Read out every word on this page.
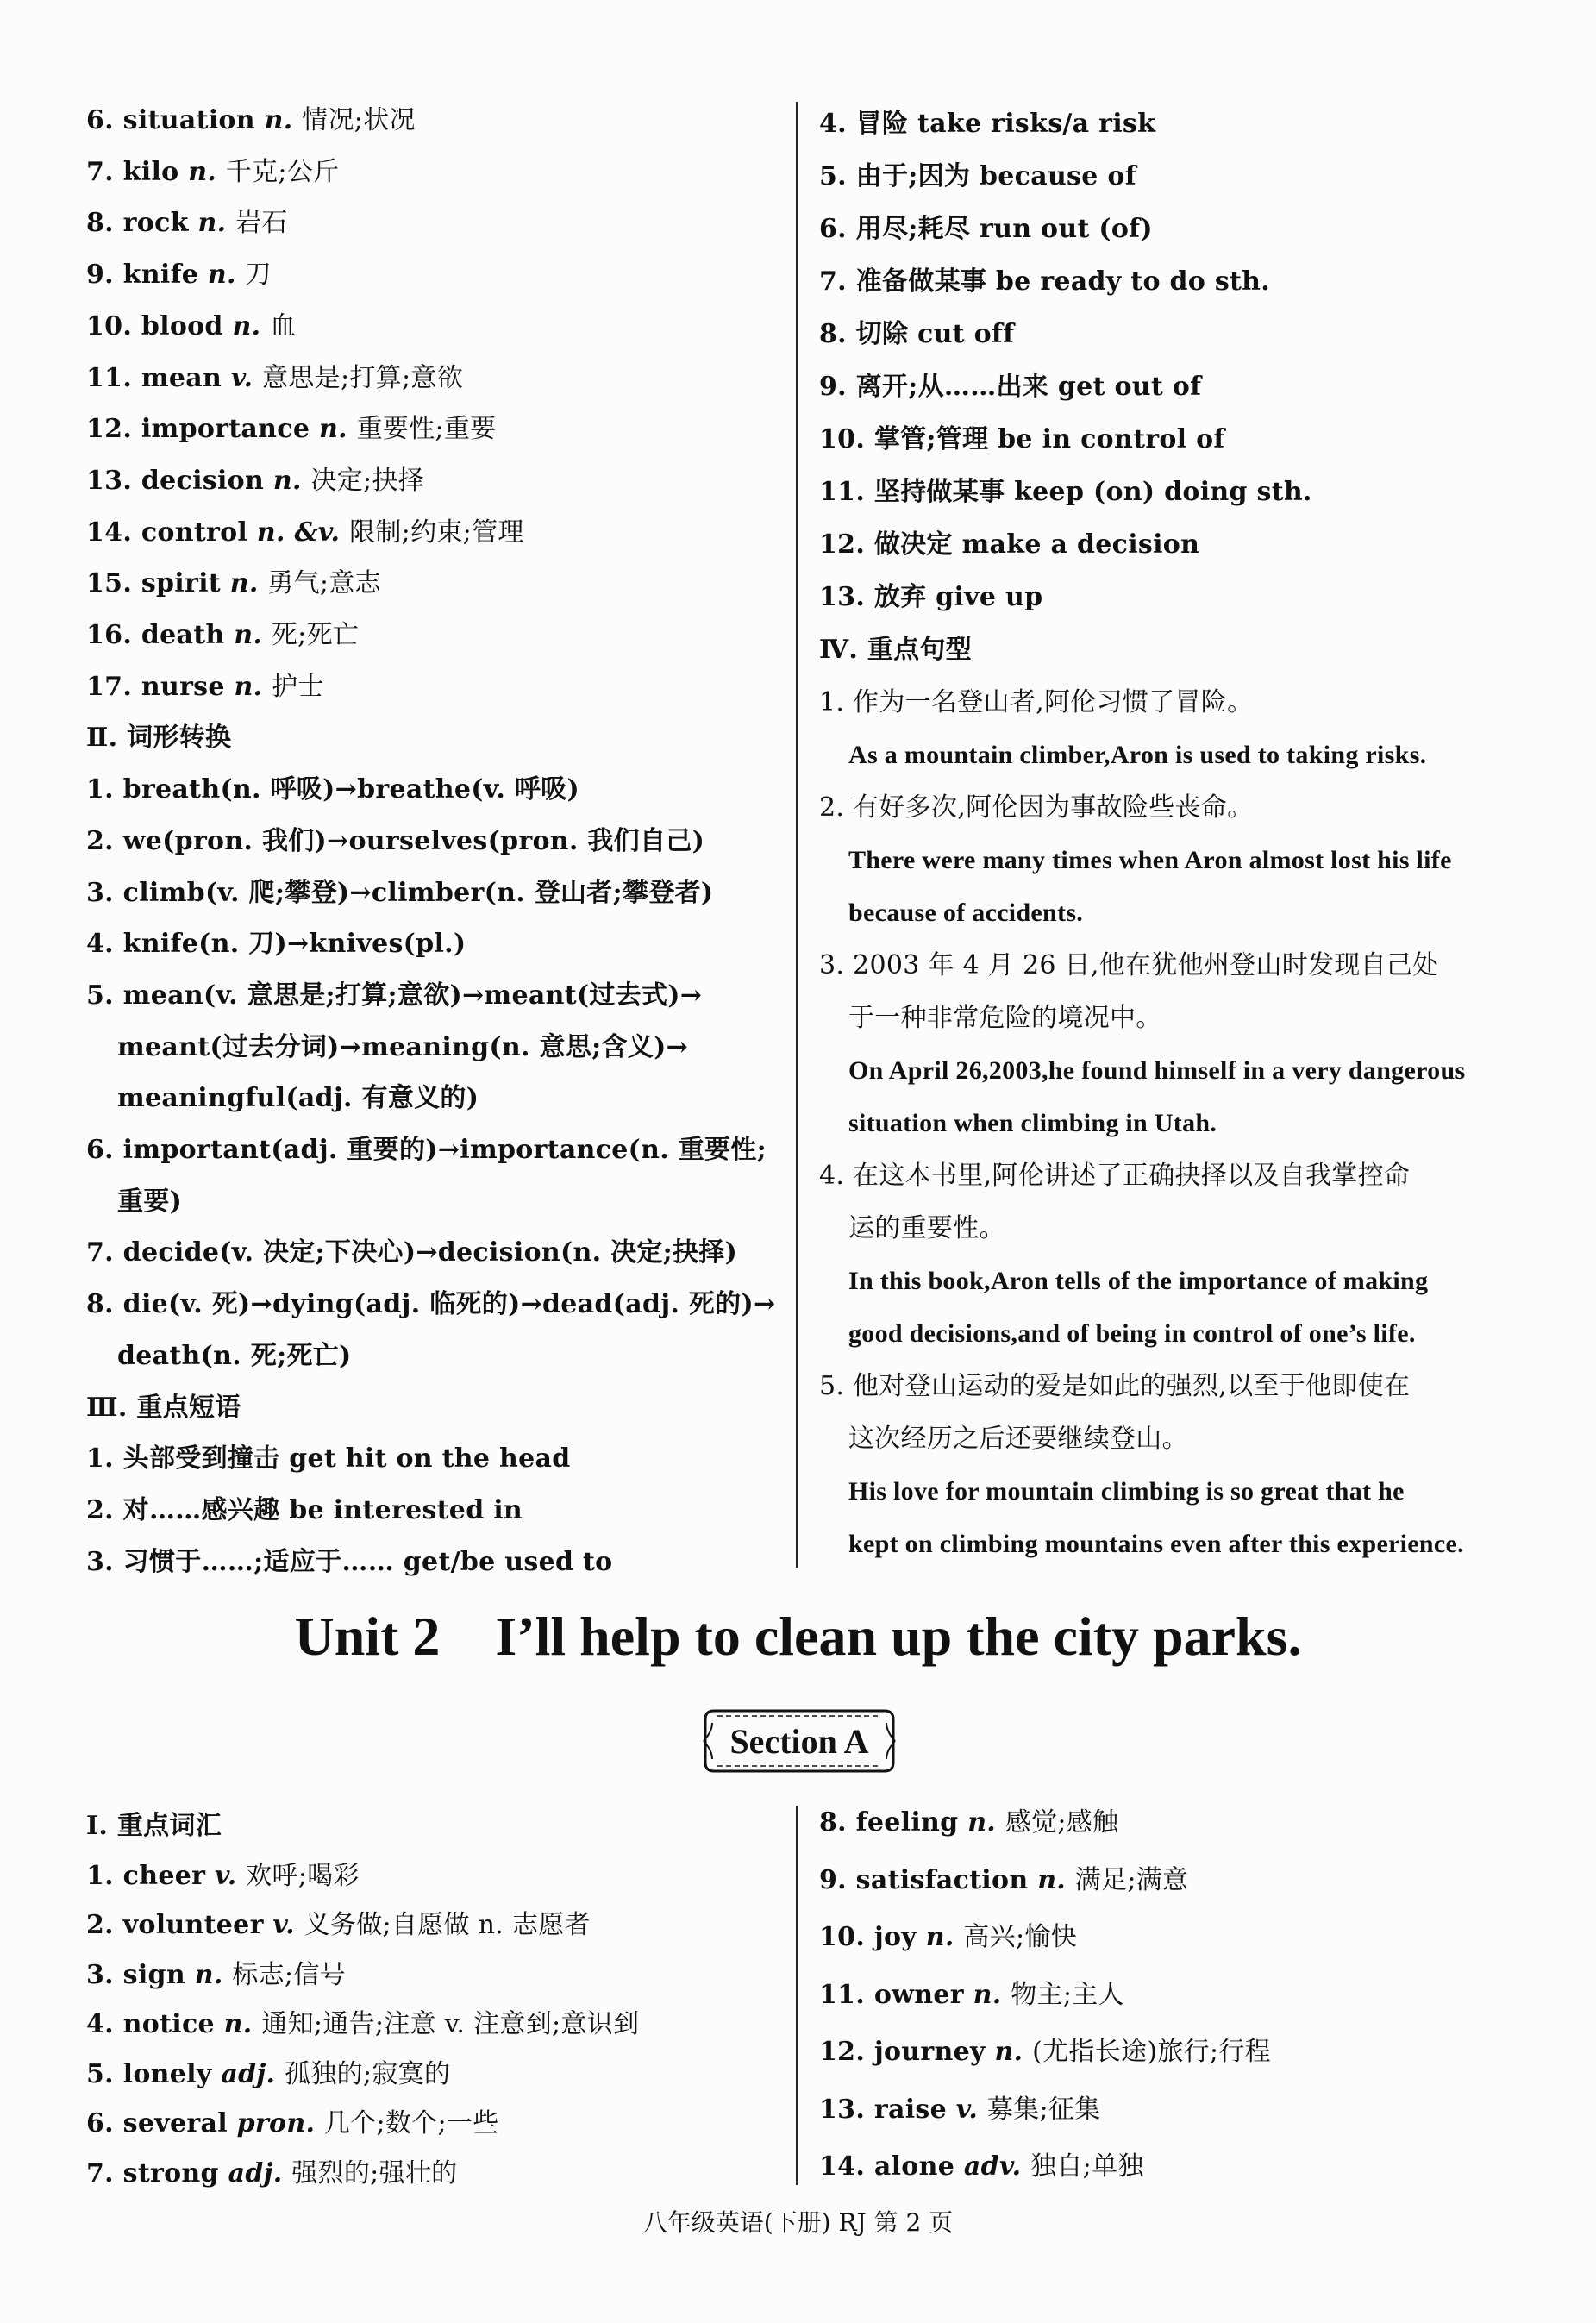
6. situation n. 情况;状况
7. kilo n. 千克;公斤
8. rock n. 岩石
9. knife n. 刀
10. blood n. 血
11. mean v. 意思是;打算;意欲
12. importance n. 重要性;重要
13. decision n. 决定;抉择
14. control n. &v. 限制;约束;管理
15. spirit n. 勇气;意志
16. death n. 死;死亡
17. nurse n. 护士
Ⅱ. 词形转换
1. breath(n. 呼吸)→breathe(v. 呼吸)
2. we(pron. 我们)→ourselves(pron. 我们自己)
3. climb(v. 爬;攀登)→climber(n. 登山者;攀登者)
4. knife(n. 刀)→knives(pl.)
5. mean(v. 意思是;打算;意欲)→meant(过去式)→
meant(过去分词)→meaning(n. 意思;含义)→
meaningful(adj. 有意义的)
6. important(adj. 重要的)→importance(n. 重要性;
重要)
7. decide(v. 决定;下决心)→decision(n. 决定;抉择)
8. die(v. 死)→dying(adj. 临死的)→dead(adj. 死的)→
death(n. 死;死亡)
Ⅲ. 重点短语
1. 头部受到撞击 get hit on the head
2. 对……感兴趣 be interested in
3. 习惯于……;适应于…… get/be used to
4. 冒险 take risks/a risk
5. 由于;因为 because of
6. 用尽;耗尽 run out (of)
7. 准备做某事 be ready to do sth.
8. 切除 cut off
9. 离开;从……出来 get out of
10. 掌管;管理 be in control of
11. 坚持做某事 keep (on) doing sth.
12. 做决定 make a decision
13. 放弃 give up
Ⅳ. 重点句型
1. 作为一名登山者,阿伦习惯了冒险。
As a mountain climber,Aron is used to taking risks.
2. 有好多次,阿伦因为事故险些丧命。
There were many times when Aron almost lost his life
because of accidents.
3. 2003 年 4 月 26 日,他在犹他州登山时发现自己处
于一种非常危险的境况中。
On April 26,2003,he found himself in a very dangerous
situation when climbing in Utah.
4. 在这本书里,阿伦讲述了正确抉择以及自我掌控命
运的重要性。
In this book,Aron tells of the importance of making
good decisions,and of being in control of one’s life.
5. 他对登山运动的爱是如此的强烈,以至于他即使在
这次经历之后还要继续登山。
His love for mountain climbing is so great that he
kept on climbing mountains even after this experience.
Unit 2    I’ll help to clean up the city parks.
Section A
Ⅰ. 重点词汇
1. cheer v. 欢呼;喝彩
2. volunteer v. 义务做;自愿做 n. 志愿者
3. sign n. 标志;信号
4. notice n. 通知;通告;注意 v. 注意到;意识到
5. lonely adj. 孤独的;寂寞的
6. several pron. 几个;数个;一些
7. strong adj. 强烈的;强壮的
8. feeling n. 感觉;感触
9. satisfaction n. 满足;满意
10. joy n. 高兴;愉快
11. owner n. 物主;主人
12. journey n. (尤指长途)旅行;行程
13. raise v. 募集;征集
14. alone adv. 独自;单独
八年级英语(下册) RJ 第 2 页
